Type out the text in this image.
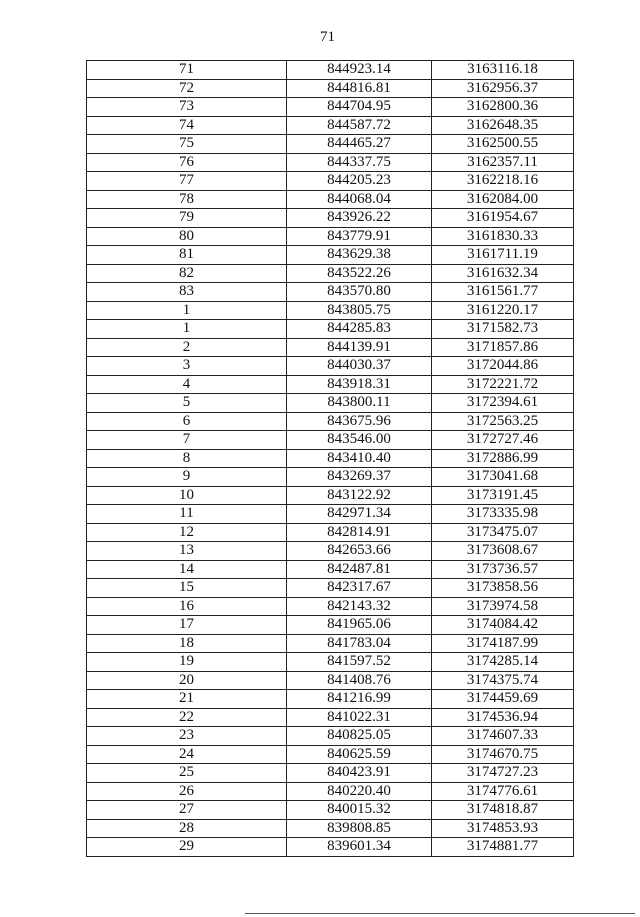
71
71	844923.14	3163116.18
72	844816.81	3162956.37
73	844704.95	3162800.36
74	844587.72	3162648.35
75	844465.27	3162500.55
76	844337.75	3162357.11
77	844205.23	3162218.16
78	844068.04	3162084.00
79	843926.22	3161954.67
80	843779.91	3161830.33
81	843629.38	3161711.19
82	843522.26	3161632.34
83	843570.80	3161561.77
1	843805.75	3161220.17
1	844285.83	3171582.73
2	844139.91	3171857.86
3	844030.37	3172044.86
4	843918.31	3172221.72
5	843800.11	3172394.61
6	843675.96	3172563.25
7	843546.00	3172727.46
8	843410.40	3172886.99
9	843269.37	3173041.68
10	843122.92	3173191.45
11	842971.34	3173335.98
12	842814.91	3173475.07
13	842653.66	3173608.67
14	842487.81	3173736.57
15	842317.67	3173858.56
16	842143.32	3173974.58
17	841965.06	3174084.42
18	841783.04	3174187.99
19	841597.52	3174285.14
20	841408.76	3174375.74
21	841216.99	3174459.69
22	841022.31	3174536.94
23	840825.05	3174607.33
24	840625.59	3174670.75
25	840423.91	3174727.23
26	840220.40	3174776.61
27	840015.32	3174818.87
28	839808.85	3174853.93
29	839601.34	3174881.77
